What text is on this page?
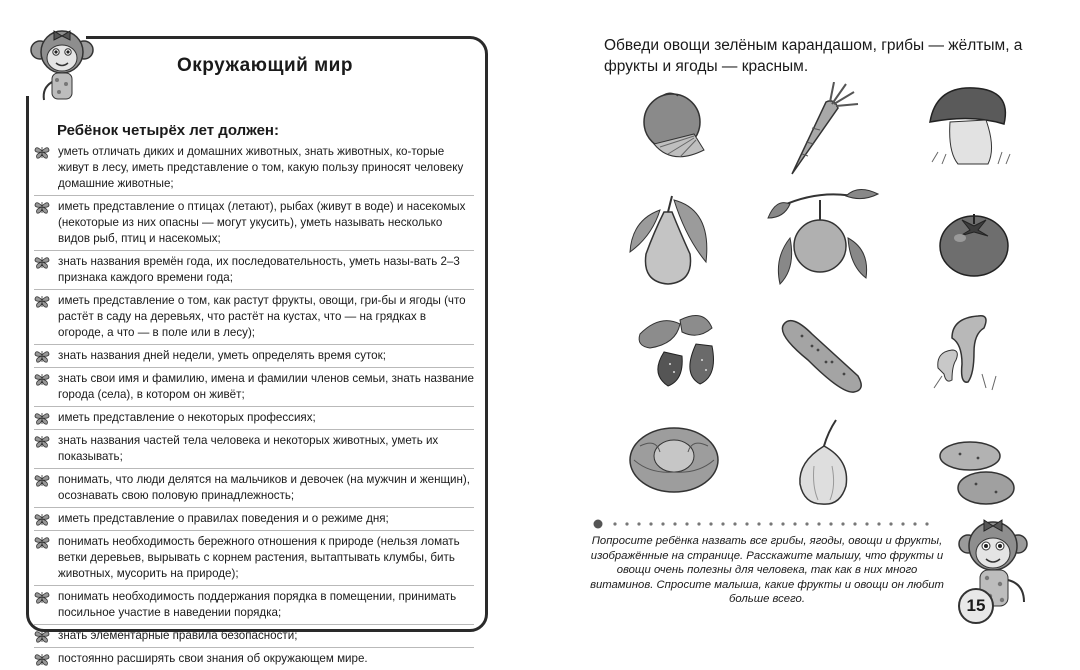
Окружающий мир
Ребёнок четырёх лет должен:
уметь отличать диких и домашних животных, знать животных, ко-торые живут в лесу, иметь представление о том, какую пользу приносят человеку домашние животные;
иметь представление о птицах (летают), рыбах (живут в воде) и насекомых (некоторые из них опасны — могут укусить), уметь называть несколько видов рыб, птиц и насекомых;
знать названия времён года, их последовательность, уметь назы-вать 2–3 признака каждого времени года;
иметь представление о том, как растут фрукты, овощи, гри-бы и ягоды (что растёт в саду на деревьях, что растёт на кустах, что — на грядках в огороде, а что — в поле или в лесу);
знать названия дней недели, уметь определять время суток;
знать свои имя и фамилию, имена и фамилии членов семьи, знать название города (села), в котором он живёт;
иметь представление о некоторых профессиях;
знать названия частей тела человека и некоторых животных, уметь их показывать;
понимать, что люди делятся на мальчиков и девочек (на мужчин и женщин), осознавать свою половую принадлежность;
иметь представление о правилах поведения и о режиме дня;
понимать необходимость бережного отношения к природе (нельзя ломать ветки деревьев, вырывать с корнем растения, вытаптывать клумбы, бить животных, мусорить на природе);
понимать необходимость поддержания порядка в помещении, принимать посильное участие в наведении порядка;
знать элементарные правила безопасности;
постоянно расширять свои знания об окружающем мире.
Обведи овощи зелёным карандашом, грибы — жёлтым, а фрукты и ягоды — красным.
Попросите ребёнка назвать все грибы, ягоды, овощи и фрукты, изображённые на странице. Расскажите малышу, что фрукты и овощи очень полезны для человека, так как в них много витаминов. Спросите малыша, какие фрукты и овощи он любит больше всего.	15
